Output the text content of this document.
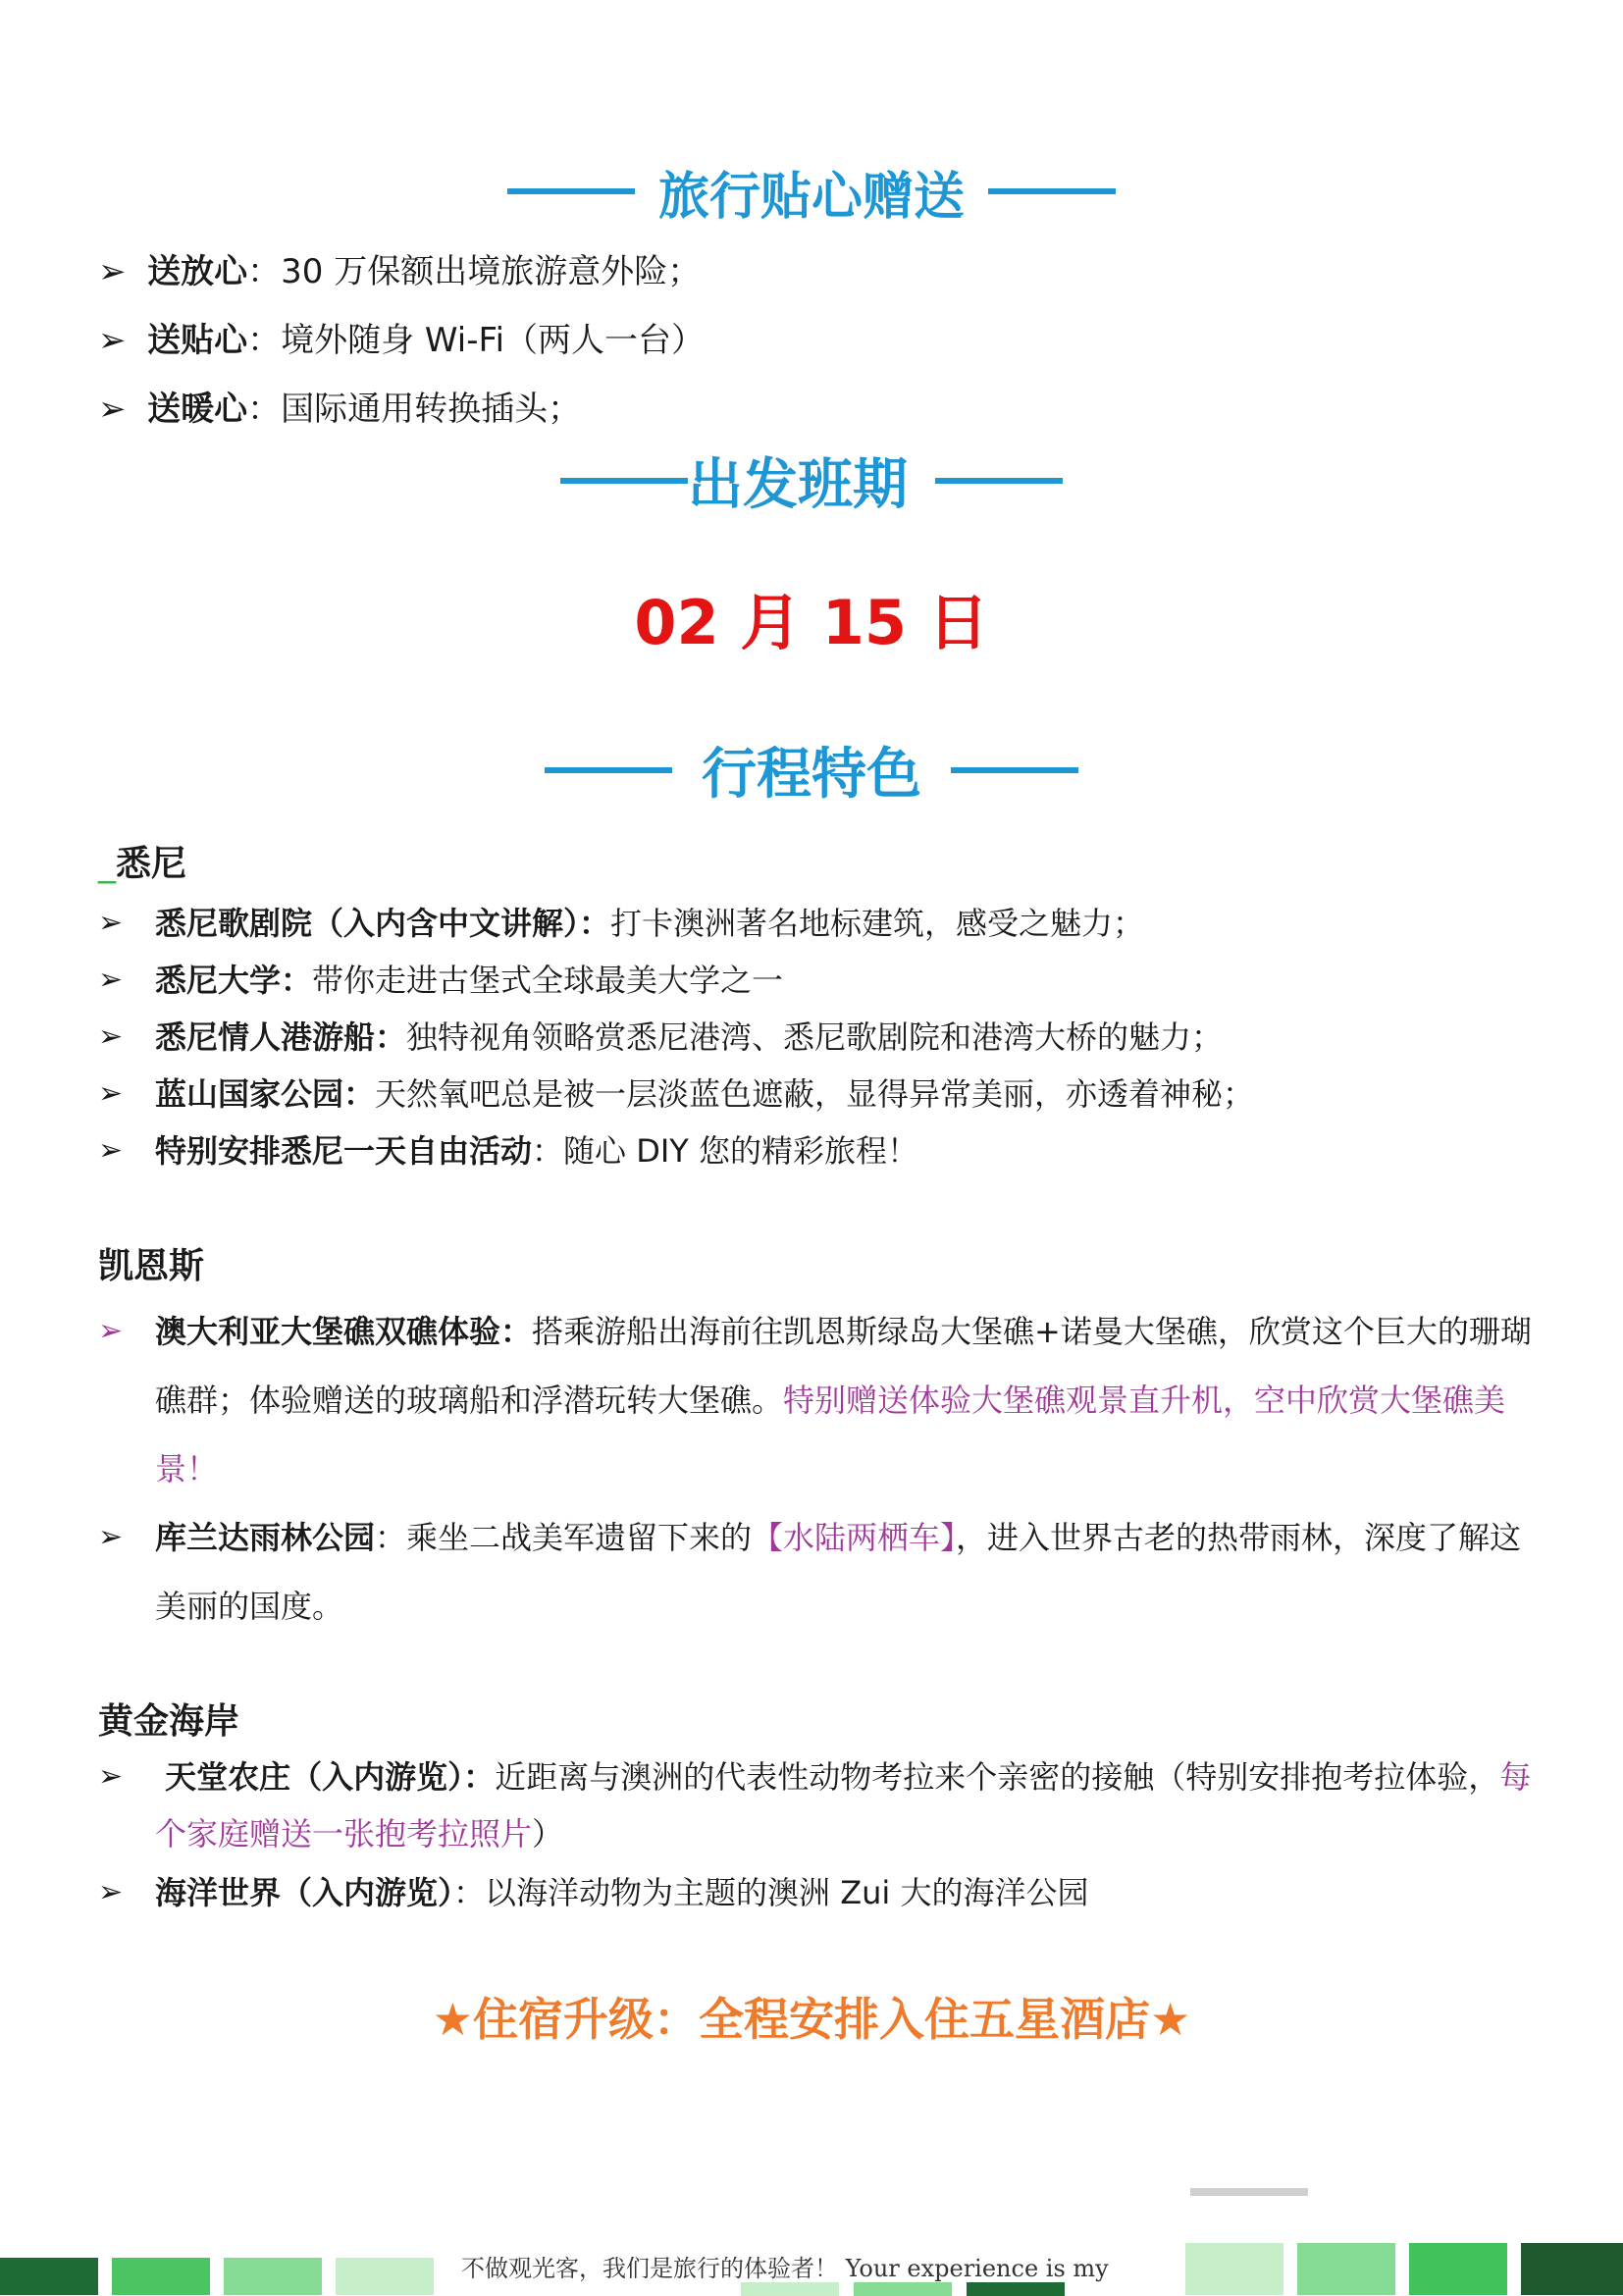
旅行贴心赠送
➢ 送放心：30 万保额出境旅游意外险；
➢ 送贴心：境外随身 Wi-Fi（两人一台）
➢ 送暖心：国际通用转换插头；
出发班期
02 月 15 日
行程特色
_悉尼
➢ 悉尼歌剧院（入内含中文讲解）：打卡澳洲著名地标建筑，感受之魅力；
➢ 悉尼大学：带你走进古堡式全球最美大学之一
➢ 悉尼情人港游船：独特视角领略赏悉尼港湾、悉尼歌剧院和港湾大桥的魅力；
➢ 蓝山国家公园：天然氧吧总是被一层淡蓝色遮蔽，显得异常美丽，亦透着神秘；
➢ 特别安排悉尼一天自由活动：随心 DIY 您的精彩旅程！
凯恩斯
➢ 澳大利亚大堡礁双礁体验：搭乘游船出海前往凯恩斯绿岛大堡礁+诺曼大堡礁，欣赏这个巨大的珊瑚礁群；体验赠送的玻璃船和浮潜玩转大堡礁。特别赠送体验大堡礁观景直升机，空中欣赏大堡礁美景！
➢ 库兰达雨林公园：乘坐二战美军遗留下来的【水陆两栖车】，进入世界古老的热带雨林，深度了解这美丽的国度。
黄金海岸
➢	天堂农庄（入内游览）：近距离与澳洲的代表性动物考拉来个亲密的接触（特别安排抱考拉体验，每个家庭赠送一张抱考拉照片）
➢ 海洋世界（入内游览）：以海洋动物为主题的澳洲 Zui 大的海洋公园
★住宿升级：全程安排入住五星酒店★
不做观光客，我们是旅行的体验者！ Your experience is my
